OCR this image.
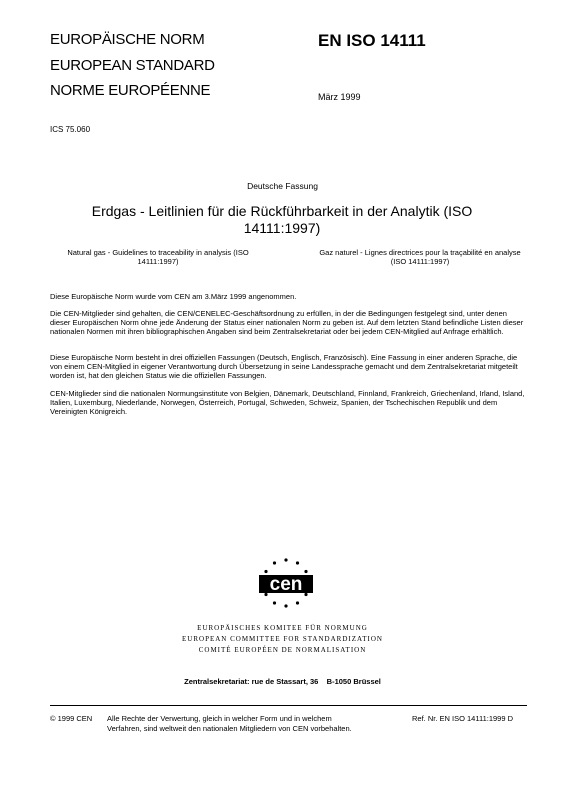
EUROPÄISCHE NORM
EUROPEAN STANDARD
NORME EUROPÉENNE
EN ISO 14111
März 1999
ICS 75.060
Deutsche Fassung
Erdgas - Leitlinien für die Rückführbarkeit in der Analytik (ISO 14111:1997)
Natural gas - Guidelines to traceability in analysis (ISO 14111:1997)
Gaz naturel - Lignes directrices pour la traçabilité en analyse (ISO 14111:1997)
Diese Europäische Norm wurde vom CEN am 3.März 1999 angenommen.
Die CEN-Mitglieder sind gehalten, die CEN/CENELEC-Geschäftsordnung zu erfüllen, in der die Bedingungen festgelegt sind, unter denen dieser Europäischen Norm ohne jede Änderung der Status einer nationalen Norm zu geben ist. Auf dem letzten Stand befindliche Listen dieser nationalen Normen mit ihren bibliographischen Angaben sind beim Zentralsekretariat oder bei jedem CEN-Mitglied auf Anfrage erhältlich.
Diese Europäische Norm besteht in drei offiziellen Fassungen (Deutsch, Englisch, Französisch). Eine Fassung in einer anderen Sprache, die von einem CEN-Mitglied in eigener Verantwortung durch Übersetzung in seine Landessprache gemacht und dem Zentralsekretariat mitgeteilt worden ist, hat den gleichen Status wie die offiziellen Fassungen.
CEN-Mitglieder sind die nationalen Normungsinstitute von Belgien, Dänemark, Deutschland, Finnland, Frankreich, Griechenland, Irland, Island, Italien, Luxemburg, Niederlande, Norwegen, Österreich, Portugal, Schweden, Schweiz, Spanien, der Tschechischen Republik und dem Vereinigten Königreich.
cen
EUROPÄISCHES KOMITEE FÜR NORMUNG
EUROPEAN COMMITTEE FOR STANDARDIZATION
COMITÉ EUROPÉEN DE NORMALISATION
Zentralsekretariat: rue de Stassart, 36    B-1050 Brüssel
© 1999 CEN Alle Rechte der Verwertung, gleich in welcher Form und in welchem Verfahren, sind weltweit den nationalen Mitgliedern von CEN vorbehalten.
Ref. Nr. EN ISO 14111:1999 D
